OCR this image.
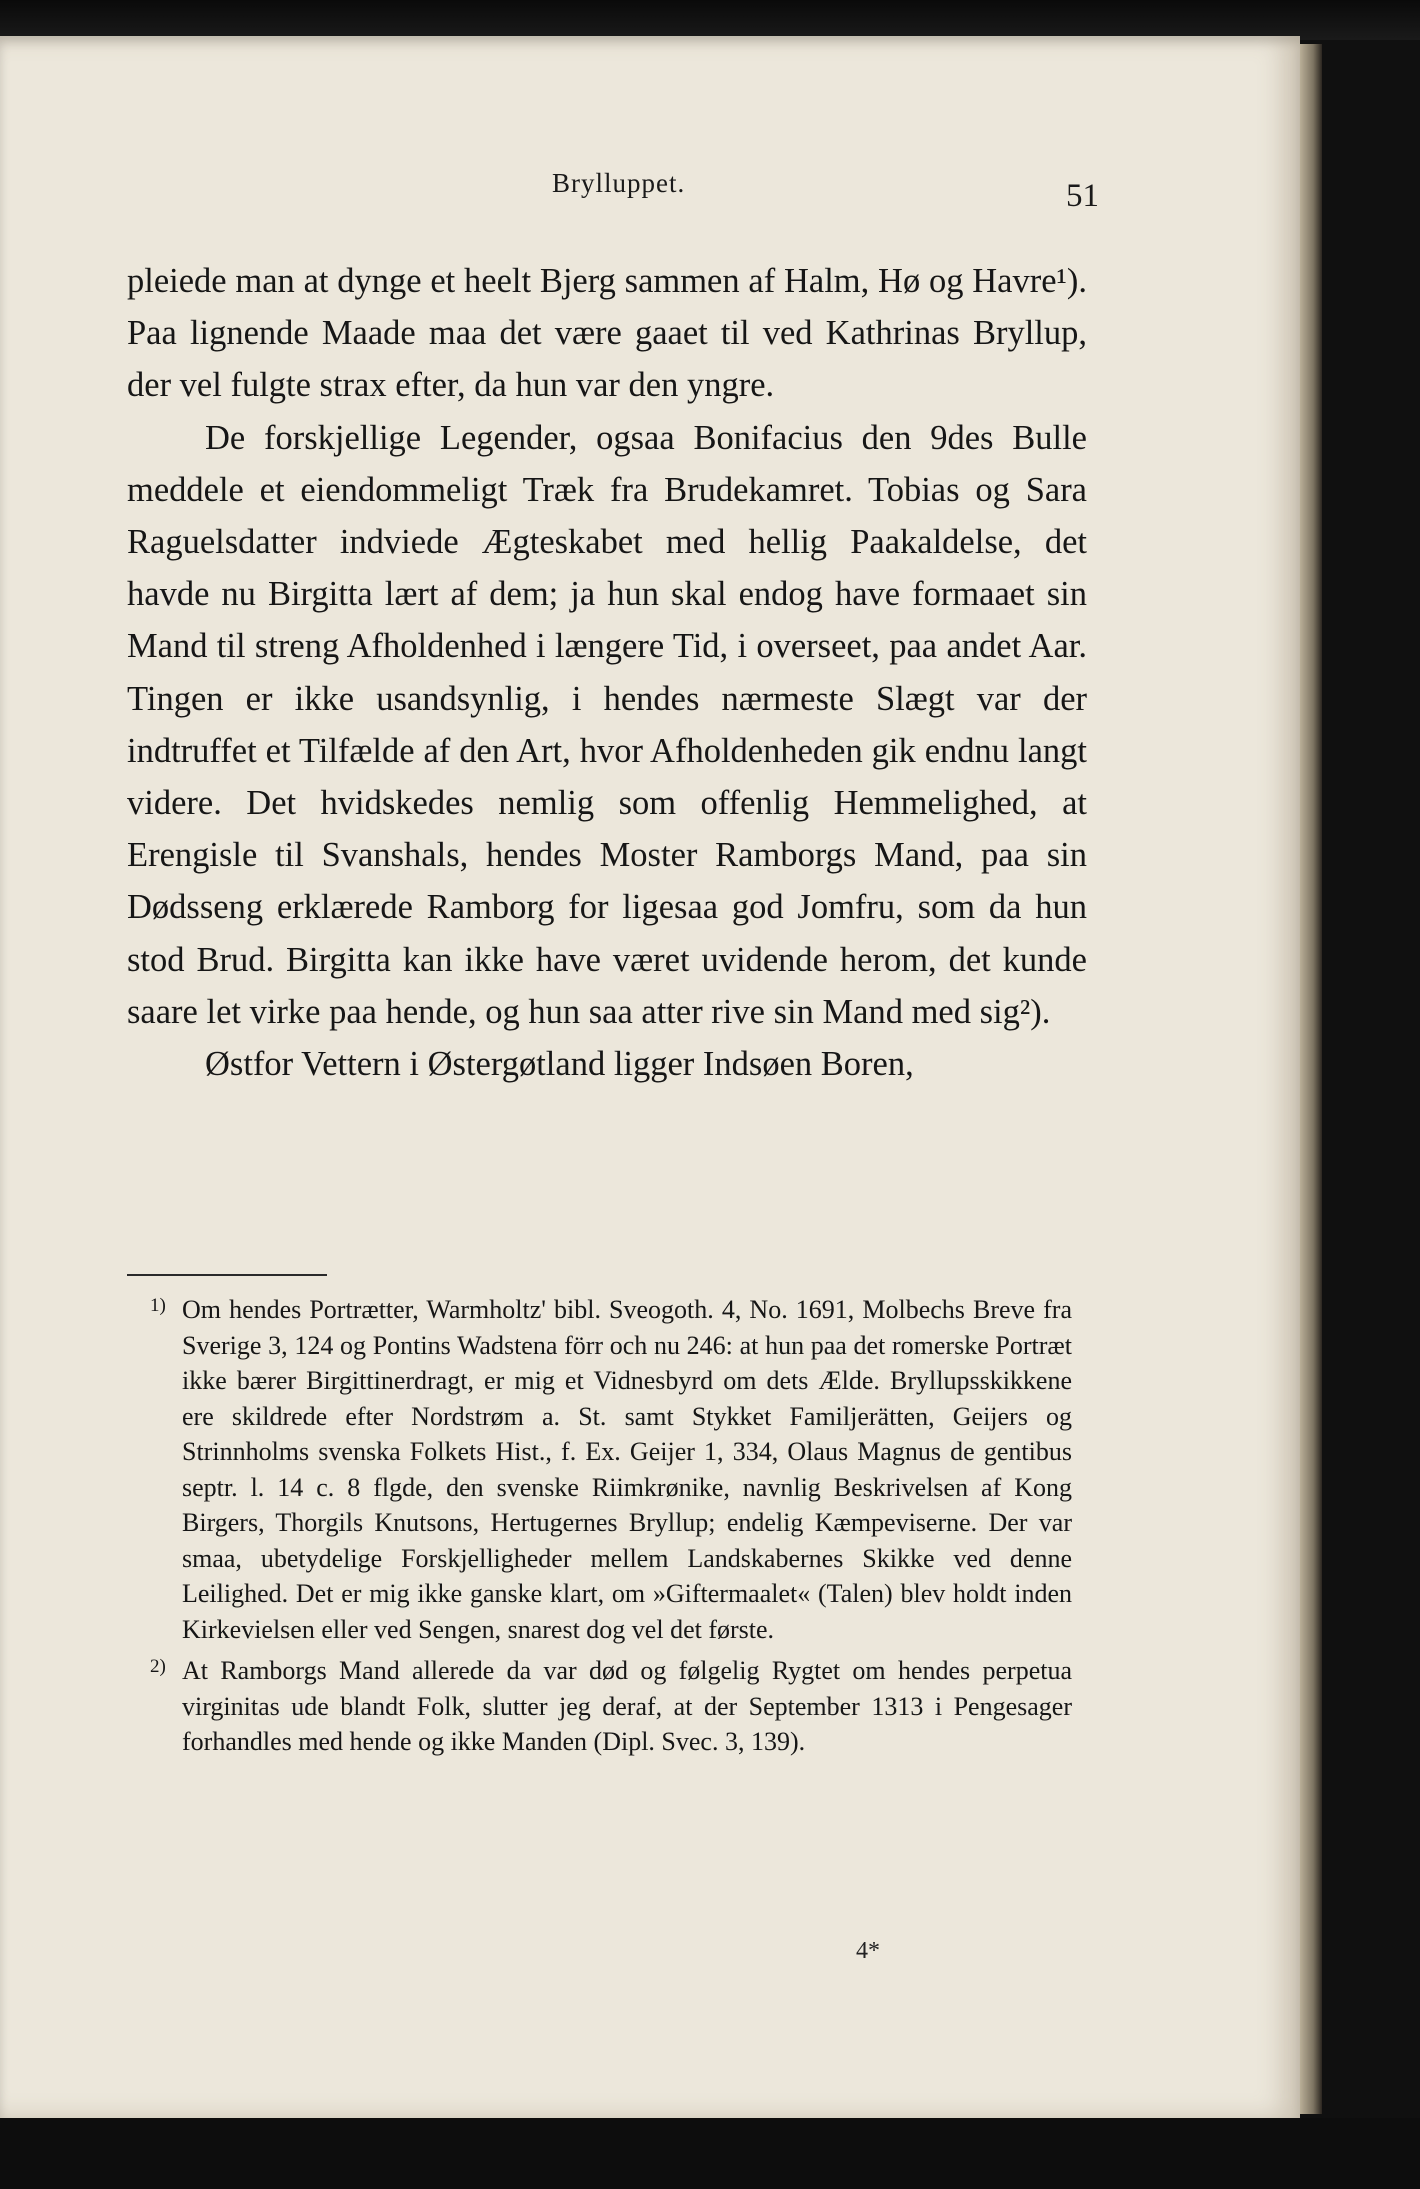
Brylluppet.	51

pleiede man at dynge et heelt Bjerg sammen af Halm, Hø og Havre¹). Paa lignende Maade maa det være gaaet til ved Kathrinas Bryllup, der vel fulgte strax efter, da hun var den yngre.

De forskjellige Legender, ogsaa Bonifacius den 9des Bulle meddele et eiendommeligt Træk fra Brudekamret. Tobias og Sara Raguelsdatter indviede Ægteskabet med hellig Paakaldelse, det havde nu Birgitta lært af dem; ja hun skal endog have formaaet sin Mand til streng Afholdenhed i længere Tid, i overseet, paa andet Aar. Tingen er ikke usandsynlig, i hendes nærmeste Slægt var der indtruffet et Tilfælde af den Art, hvor Afholdenheden gik endnu langt videre. Det hvidskedes nemlig som offenlig Hemmelighed, at Erengisle til Svanshals, hendes Moster Ramborgs Mand, paa sin Dødsseng erklærede Ramborg for ligesaa god Jomfru, som da hun stod Brud. Birgitta kan ikke have været uvidende herom, det kunde saare let virke paa hende, og hun saa atter rive sin Mand med sig²).

Østfor Vettern i Østergøtland ligger Indsøen Boren,

1) Om hendes Portrætter, Warmholtz' bibl. Sveogoth. 4, No. 1691, Molbechs Breve fra Sverige 3, 124 og Pontins Wadstena förr och nu 246: at hun paa det romerske Portræt ikke bærer Birgittinerdragt, er mig et Vidnesbyrd om dets Ælde. Bryllupsskikkene ere skildrede efter Nordstrøm a. St. samt Stykket Familjerätten, Geijers og Strinnholms svenska Folkets Hist., f. Ex. Geijer 1, 334, Olaus Magnus de gentibus septr. l. 14 c. 8 flgde, den svenske Riimkrønike, navnlig Beskrivelsen af Kong Birgers, Thorgils Knutsons, Hertugernes Bryllup; endelig Kæmpeviserne. Der var smaa, ubetydelige Forskjelligheder mellem Landskabernes Skikke ved denne Leilighed. Det er mig ikke ganske klart, om »Giftermaalet« (Talen) blev holdt inden Kirkevielsen eller ved Sengen, snarest dog vel det første.
2) At Ramborgs Mand allerede da var død og følgelig Rygtet om hendes perpetua virginitas ude blandt Folk, slutter jeg deraf, at der September 1313 i Pengesager forhandles med hende og ikke Manden (Dipl. Svec. 3, 139).
4*
